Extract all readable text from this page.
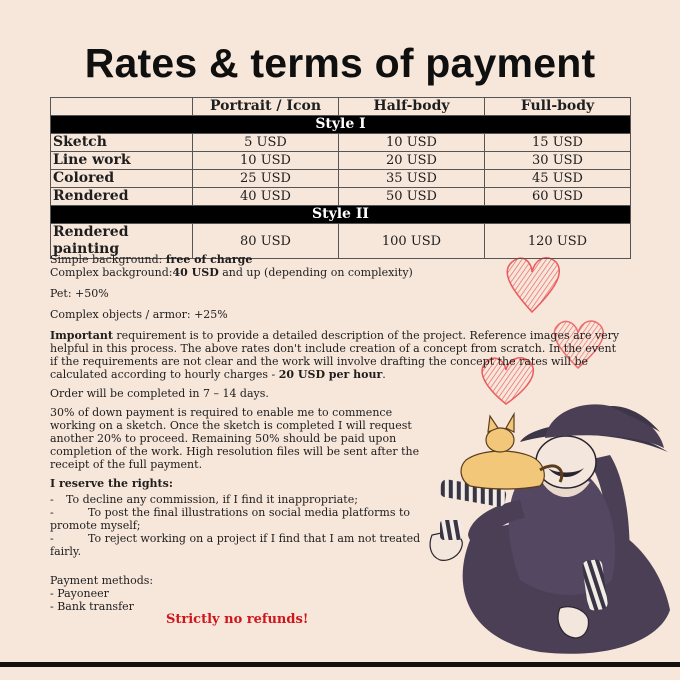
Rates & terms of payment
	Portrait / Icon	Half-body	Full-body
Style I			
Sketch	5 USD	10 USD	15 USD
Line work	10 USD	20 USD	30 USD
Colored	25 USD	35 USD	45 USD
Rendered	40 USD	50 USD	60 USD
Style II			
Rendered painting	80 USD	100 USD	120 USD

Simple background: free of charge

Complex background:40 USD and up (depending on complexity)

Pet: +50%

Complex objects / armor: +25%

Important requirement is to provide a detailed description of the project. Reference images are very helpful in this process. The above rates don't include creation of a concept from scratch. In the event if the requirements are not clear and the work will involve drafting the concept the rates will be calculated according to hourly charges - 20 USD per hour.

Order will be completed in 7 – 14 days.

30% of down payment is required to enable me to commence working on a sketch. Once the sketch is completed I will request another 20% to proceed. Remaining 50% should be paid upon completion of the work. High resolution files will be sent after the receipt of the full payment.

I reserve the rights:

-	To decline any commission, if I find it inappropriate;
-	To post the final illustrations on social media platforms to promote myself;
-	To reject working on a project if I find that I am not treated fairly.

Payment methods:

- Payoneer
- Bank transfer
Strictly no refunds!
